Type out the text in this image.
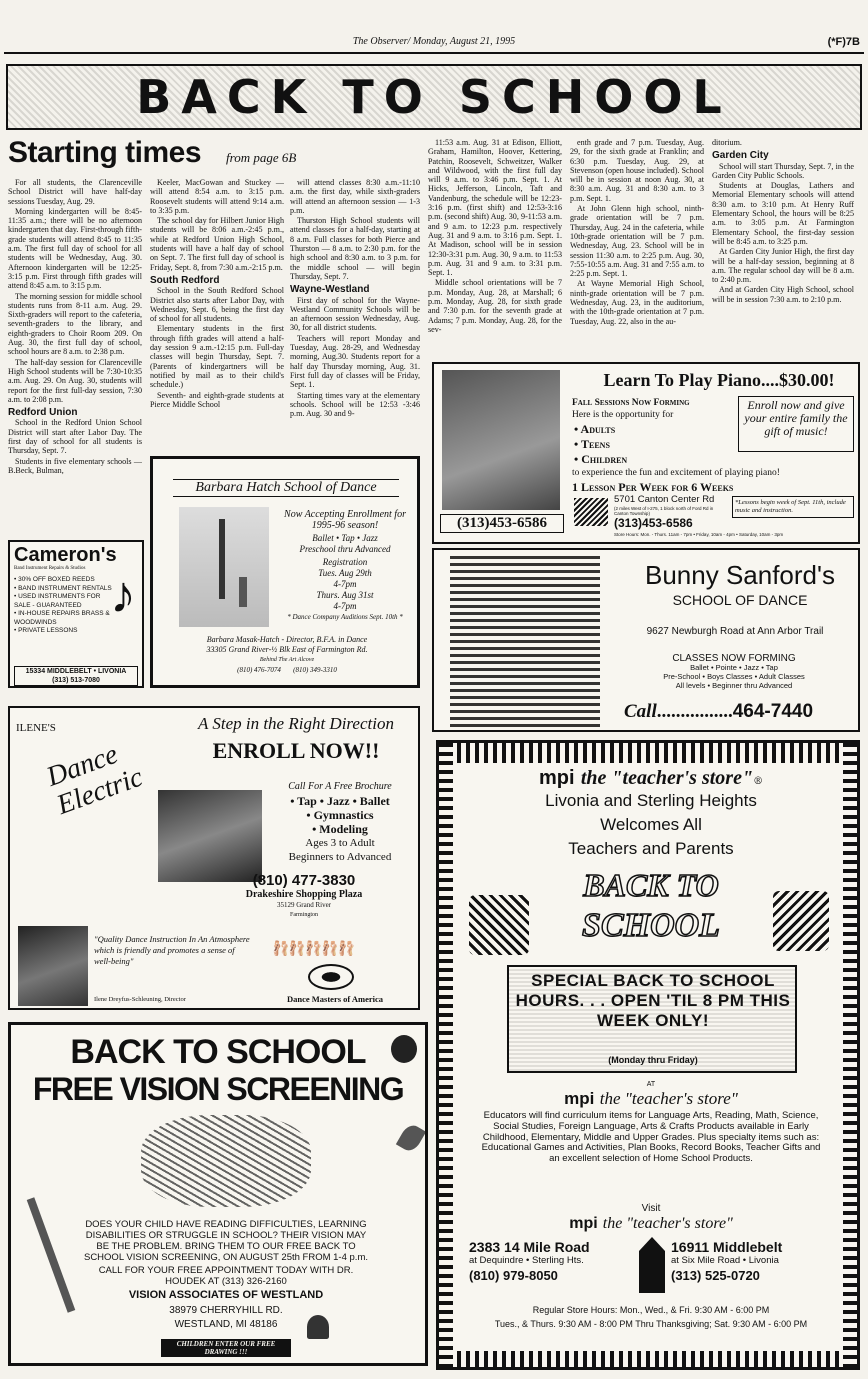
The Observer/ Monday, August 21, 1995	(*F)7B
BACK TO SCHOOL
Starting times from page 6B

For all students, the Clarenceville School District will have half-day sessions Tuesday, Aug. 29.

Morning kindergarten will be 8:45-11:35 a.m.; there will be no afternoon kindergarten that day. First-through fifth-grade students will attend 8:45 to 11:35 a.m. The first full day of school for all students will be Wednesday, Aug. 30. Afternoon kindergarten will be 12:25-3:15 p.m. First through fifth grades will attend 8:45 a.m. to 3:15 p.m.

The morning session for middle school students runs from 8-11 a.m. Aug. 29. Sixth-graders will report to the cafeteria, seventh-graders to the library, and eighth-graders to Choir Room 209. On Aug. 30, the first full day of school, school hours are 8 a.m. to 2:38 p.m.

The half-day session for Clarenceville High School students will be 7:30-10:35 a.m. Aug. 29. On Aug. 30, students will report for the first full-day session, 7:30 a.m. to 2:08 p.m.

Redford Union

School in the Redford Union School District will start after Labor Day. The first day of school for all students is Thursday, Sept. 7.

Students in five elementary schools — B.Beck, Bulman,

Keeler, MacGowan and Stuckey — will attend 8:54 a.m. to 3:15 p.m. Roosevelt students will attend 9:14 a.m. to 3:35 p.m.

The school day for Hilbert Junior High students will be 8:06 a.m.-2:45 p.m., while at Redford Union High School, students will have a half day of school on Sept. 7. The first full day of school is Friday, Sept. 8, from 7:30 a.m.-2:15 p.m.

South Redford

School in the South Redford School District also starts after Labor Day, with Wednesday, Sept. 6, being the first day of school for all students.

Elementary students in the first through fifth grades will attend a half-day session 9 a.m.-12:15 p.m. Full-day classes will begin Thursday, Sept. 7. (Parents of kindergartners will be notified by mail as to their child's schedule.)

Seventh- and eighth-grade students at Pierce Middle School

will attend classes 8:30 a.m.-11:10 a.m. the first day, while sixth-graders will attend an afternoon session — 1-3 p.m.

Thurston High School students will attend classes for a half-day, starting at 8 a.m. Full classes for both Pierce and Thurston — 8 a.m. to 2:30 p.m. for the high school and 8:30 a.m. to 3 p.m. for the middle school — will begin Thursday, Sept. 7.

Wayne-Westland

First day of school for the Wayne-Westland Community Schools will be an afternoon session Wednesday, Aug. 30, for all district students.

Teachers will report Monday and Tuesday, Aug. 28-29, and Wednesday morning, Aug.30. Students report for a half day Thursday morning, Aug. 31. First full day of classes will be Friday, Sept. 1.

Starting times vary at the elementary schools. School will be 12:53 -3:46 p.m. Aug. 30 and 9-

11:53 a.m. Aug. 31 at Edison, Elliott, Graham, Hamilton, Hoover, Kettering, Patchin, Roosevelt, Schweitzer, Walker and Wildwood, with the first full day will 9 a.m. to 3:46 p.m. Sept. 1. At Hicks, Jefferson, Lincoln, Taft and Vandenburg, the schedule will be 12:23-3:16 p.m. (first shift) and 12:53-3:16 p.m. (second shift) Aug. 30, 9-11:53 a.m. and 9 a.m. to 12:23 p.m. respectively Aug. 31 and 9 a.m. to 3:16 p.m. Sept. 1. At Madison, school will be in session 12:30-3:31 p.m. Aug. 30, 9 a.m. to 11:53 p.m. Aug. 31 and 9 a.m. to 3:31 p.m. Sept. 1.

Middle school orientations will be 7 p.m. Monday, Aug. 28, at Marshall; 6 p.m. Monday, Aug. 28, for sixth grade and 7:30 p.m. for the seventh grade at Adams; 7 p.m. Monday, Aug. 28, for the sev-

enth grade and 7 p.m. Tuesday, Aug. 29, for the sixth grade at Franklin; and 6:30 p.m. Tuesday, Aug. 29, at Stevenson (open house included). School will be in session at noon Aug. 30, at 8:30 a.m. Aug. 31 and 8:30 a.m. to 3 p.m. Sept. 1.

At John Glenn high school, ninth-grade orientation will be 7 p.m. Thursday, Aug. 24 in the cafeteria, while 10th-grade orientation will be 7 p.m. Wednesday, Aug. 23. School will be in session 11:30 a.m. to 2:25 p.m. Aug. 30, 7:55-10:55 a.m. Aug. 31 and 7:55 a.m. to 2:25 p.m. Sept. 1.

At Wayne Memorial High School, ninth-grade orientation will be 7 p.m. Wednesday, Aug. 23, in the auditorium, with the 10th-grade orientation at 7 p.m. Tuesday, Aug. 22, also in the au-

ditorium.

Garden City

School will start Thursday, Sept. 7, in the Garden City Public Schools.

Students at Douglas, Lathers and Memorial Elementary schools will attend 8:30 a.m. to 3:10 p.m. At Henry Ruff Elementary School, the hours will be 8:25 a.m. to 3:05 p.m. At Farmington Elementary School, the first-day session will be 8:45 a.m. to 3:25 p.m.

At Garden City Junior High, the first day will be a half-day session, beginning at 8 a.m. The regular school day will be 8 a.m. to 2:40 p.m.

And at Garden City High School, school will be in session 7:30 a.m. to 2:10 p.m.

(313)453-6586
Learn To Play Piano....$30.00!
Fall Sessions Now Forming
Here is the opportunity for
• Adults
• Teens
• Children
Enroll now and give your entire family the gift of music!
to experience the fun and excitement of playing piano!
1 Lesson Per Week for 6 Weeks
5701 Canton Center Rd
(2 miles West of I-275, 1 block north of Ford Rd in Canton Township)
(313)453-6586
*Lessons begin week of Sept. 11th, include music and instruction.
Store Hours: Mon. - Thurs. 11am - 7pm • Friday, 10am - 4pm • Saturday, 10am - 3pm
Barbara Hatch School of Dance
Now Accepting Enrollment for 1995-96 season!
Ballet • Tap • Jazz
Preschool thru Advanced
Registration
Tues. Aug 29th
4-7pm
Thurs. Aug 31st
4-7pm
* Dance Company Auditions Sept. 10th *
Barbara Masak-Hatch - Director, B.F.A. in Dance
33305 Grand River-½ Blk East of Farmington Rd.
Behind The Art Alcove
(810) 476-7074 (810) 349-3310
Cameron's
Band Instrument Repairs & Studios
• 30% OFF BOXED REEDS
• BAND INSTRUMENT RENTALS
• USED INSTRUMENTS FOR SALE - GUARANTEED
• IN-HOUSE REPAIRS BRASS & WOODWINDS
• PRIVATE LESSONS
♪
15334 MIDDLEBELT • LIVONIA
(313) 513-7080
Bunny Sanford's
SCHOOL OF DANCE
9627 Newburgh Road at Ann Arbor Trail
CLASSES NOW FORMING
Ballet • Pointe • Jazz • Tap
Pre-School • Boys Classes • Adult Classes
All levels • Beginner thru Advanced
Call................464-7440
ILENE'S
Dance Electric
A Step in the Right Direction
ENROLL NOW!!
Call For A Free Brochure
• Tap • Jazz • Ballet
• Gymnastics
• Modeling
Ages 3 to Adult
Beginners to Advanced
(810) 477-3830
Drakeshire Shopping Plaza
35129 Grand River
Farmington
"Quality Dance Instruction In An Atmosphere which is friendly and promotes a sense of well-being"
Ilene Dreyfus-Schleuning, Director
🩰🩰🩰🩰🩰
Dance Masters of America
BACK TO SCHOOL
FREE VISION SCREENING
DOES YOUR CHILD HAVE READING DIFFICULTIES, LEARNING DISABILITIES OR STRUGGLE IN SCHOOL? THEIR VISION MAY BE THE PROBLEM. BRING THEM TO OUR FREE BACK TO SCHOOL VISION SCREENING, ON AUGUST 25th FROM 1-4 p.m.
CALL FOR YOUR FREE APPOINTMENT TODAY WITH DR. HOUDEK AT (313) 326-2160
VISION ASSOCIATES OF WESTLAND
38979 CHERRYHILL RD.
WESTLAND, MI 48186
CHILDREN ENTER OUR FREE DRAWING !!!
mpi the "teacher's store"®
Livonia and Sterling Heights
Welcomes All
Teachers and Parents
BACK TO
SCHOOL
SPECIAL BACK TO SCHOOL HOURS. . . OPEN 'TIL 8 PM THIS WEEK ONLY!
(Monday thru Friday)
AT
mpi the "teacher's store"
Educators will find curriculum items for Language Arts, Reading, Math, Science, Social Studies, Foreign Language, Arts & Crafts Products available in Early Childhood, Elementary, Middle and Upper Grades. Plus specialty items such as: Educational Games and Activities, Plan Books, Record Books, Teacher Gifts and an excellent selection of Home School Products.
Visit
mpi the "teacher's store"
2383 14 Mile Road
at Dequindre • Sterling Hts.
(810) 979-8050
16911 Middlebelt
at Six Mile Road • Livonia
(313) 525-0720
Regular Store Hours: Mon., Wed., & Fri. 9:30 AM - 6:00 PM
Tues., & Thurs. 9:30 AM - 8:00 PM Thru Thanksgiving; Sat. 9:30 AM - 6:00 PM
